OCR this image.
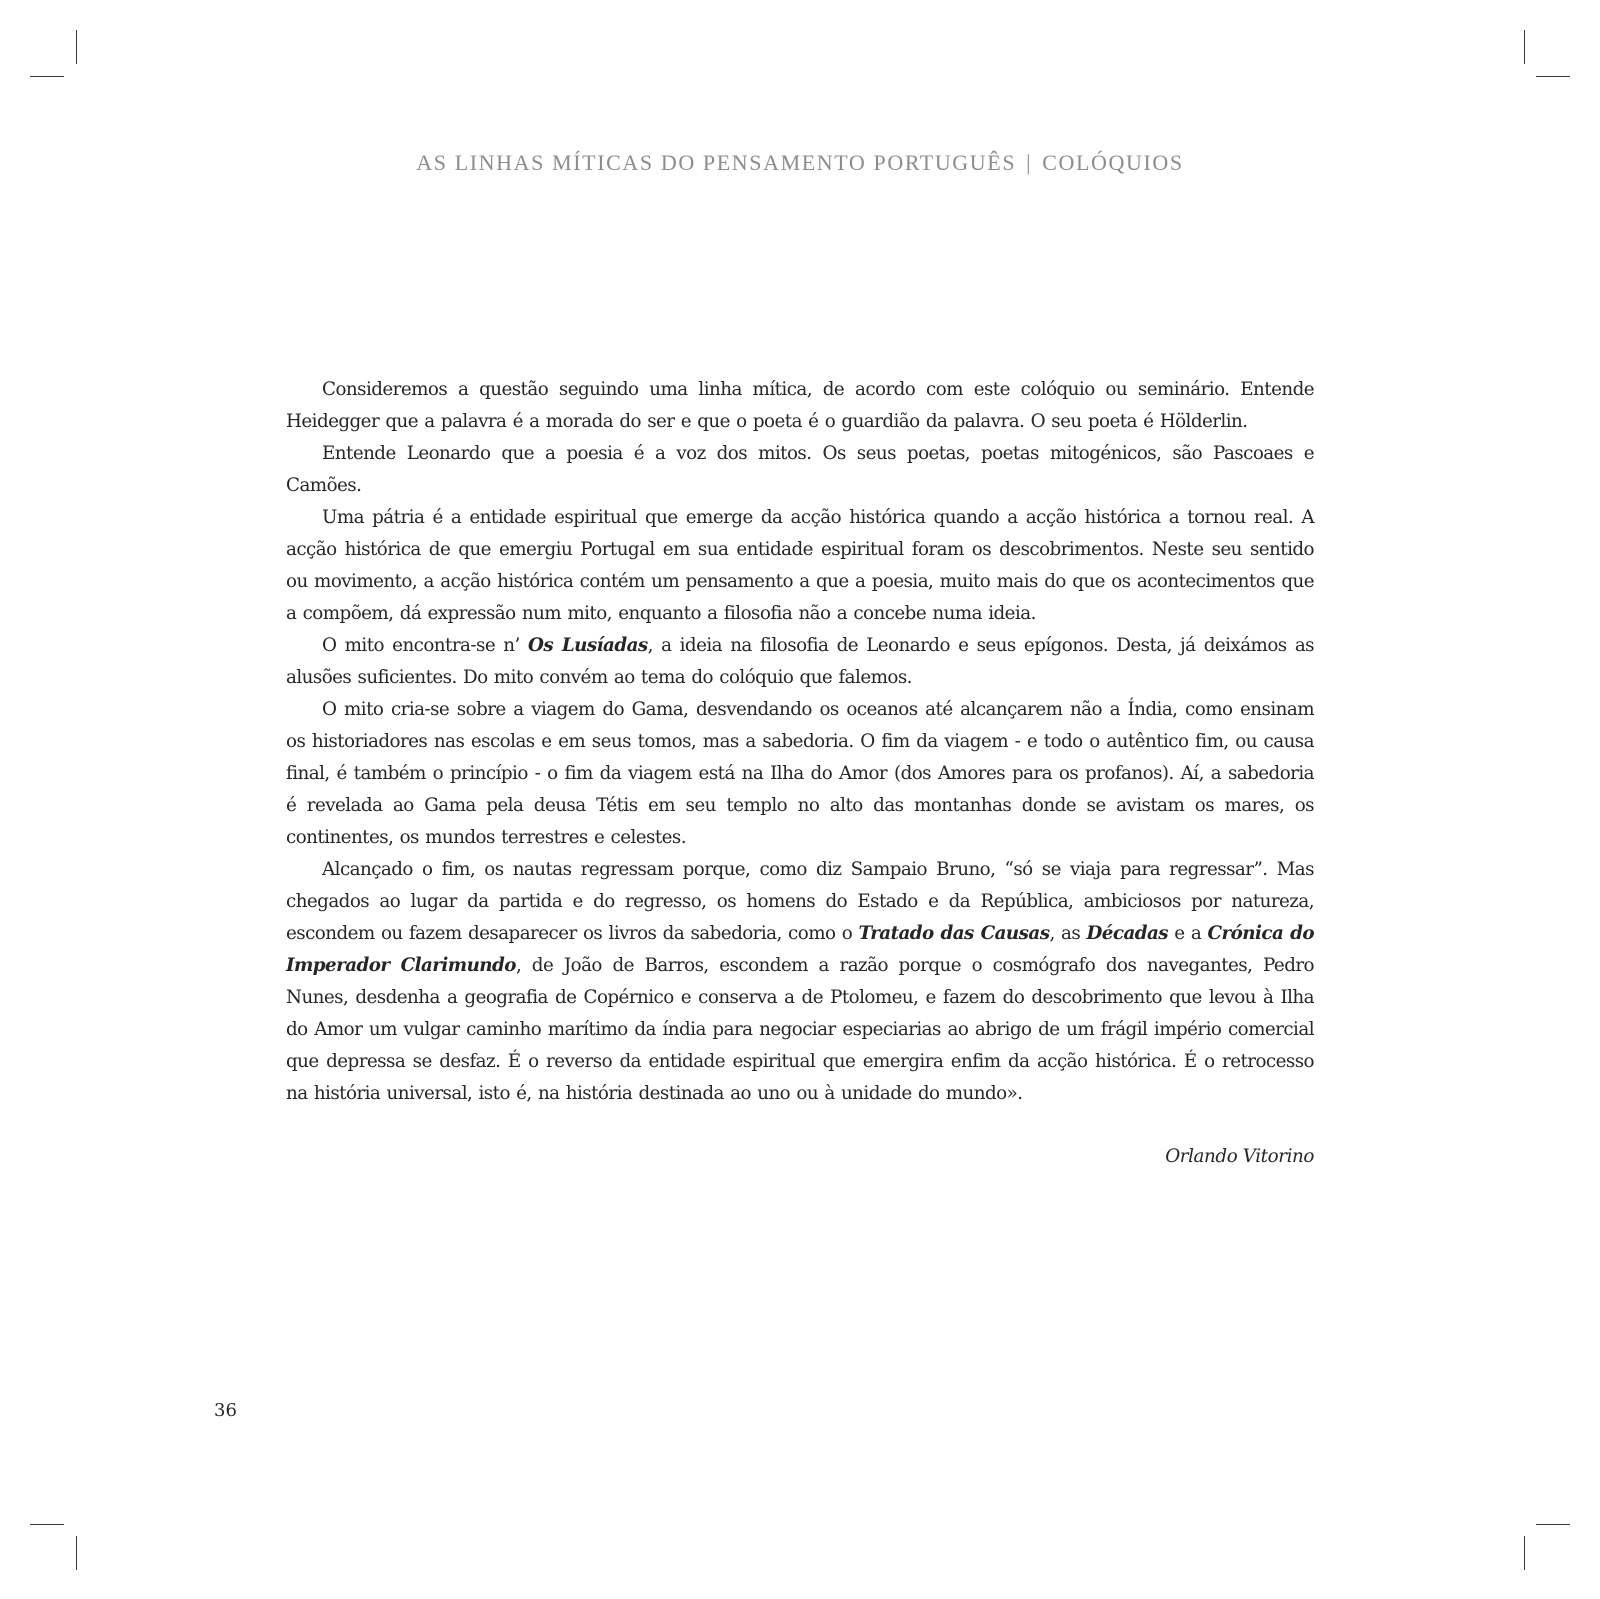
AS LINHAS MÍTICAS DO PENSAMENTO PORTUGUÊS | COLÓQUIOS

Consideremos a questão seguindo uma linha mítica, de acordo com este colóquio ou seminário. Entende Heidegger que a palavra é a morada do ser e que o poeta é o guardião da palavra. O seu poeta é Hölderlin.

Entende Leonardo que a poesia é a voz dos mitos. Os seus poetas, poetas mitogénicos, são Pascoaes e Camões.

Uma pátria é a entidade espiritual que emerge da acção histórica quando a acção histórica a tornou real. A acção histórica de que emergiu Portugal em sua entidade espiritual foram os descobrimentos. Neste seu sentido ou movimento, a acção histórica contém um pensamento a que a poesia, muito mais do que os acontecimentos que a compõem, dá expressão num mito, enquanto a filosofia não a concebe numa ideia.

O mito encontra-se n’ Os Lusíadas, a ideia na filosofia de Leonardo e seus epígonos. Desta, já deixámos as alusões suficientes. Do mito convém ao tema do colóquio que falemos.

O mito cria-se sobre a viagem do Gama, desvendando os oceanos até alcançarem não a Índia, como ensinam os historiadores nas escolas e em seus tomos, mas a sabedoria. O fim da viagem - e todo o autêntico fim, ou causa final, é também o princípio - o fim da viagem está na Ilha do Amor (dos Amores para os profanos). Aí, a sabedoria é revelada ao Gama pela deusa Tétis em seu templo no alto das montanhas donde se avistam os mares, os continentes, os mundos terrestres e celestes.

Alcançado o fim, os nautas regressam porque, como diz Sampaio Bruno, “só se viaja para regressar”. Mas chegados ao lugar da partida e do regresso, os homens do Estado e da República, ambiciosos por natureza, escondem ou fazem desaparecer os livros da sabedoria, como o Tratado das Causas, as Décadas e a Crónica do Imperador Clarimundo, de João de Barros, escondem a razão porque o cosmógrafo dos navegantes, Pedro Nunes, desdenha a geografia de Copérnico e conserva a de Ptolomeu, e fazem do descobrimento que levou à Ilha do Amor um vulgar caminho marítimo da índia para negociar especiarias ao abrigo de um frágil império comercial que depressa se desfaz. É o reverso da entidade espiritual que emergira enfim da acção histórica. É o retrocesso na história universal, isto é, na história destinada ao uno ou à unidade do mundo».

Orlando Vitorino
36
